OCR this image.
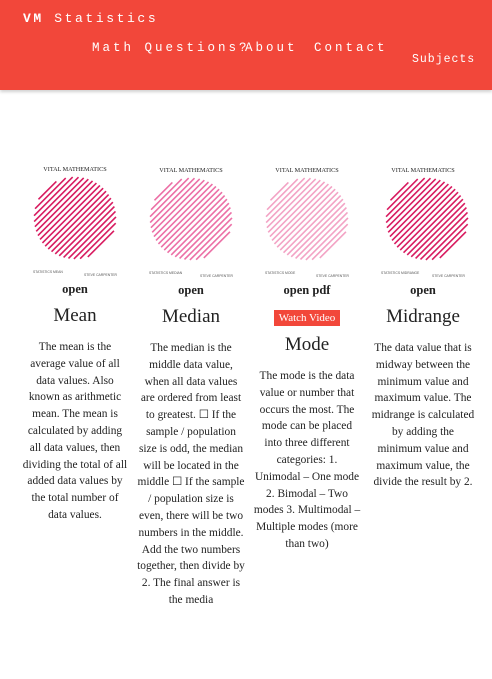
VM Statistics
Math Questions?
About Contact
Subjects
VITAL MATHEMATICS
STATISTICS MEAN
STEVE CARPENTER
open
Mean
The mean is the average value of all data values. Also known as arithmetic mean. The mean is calculated by adding all data values, then dividing the total of all added data values by the total number of data values.
VITAL MATHEMATICS
STATISTICS MEDIAN
STEVE CARPENTER
open
Median
The median is the middle data value, when all data values are ordered from least to greatest. ☐ If the sample / population size is odd, the median will be located in the middle ☐ If the sample / population size is even, there will be two numbers in the middle. Add the two numbers together, then divide by 2. The final answer is the media
VITAL MATHEMATICS
STATISTICS MODE
STEVE CARPENTER
open pdf
Watch Video
Mode
The mode is the data value or number that occurs the most. The mode can be placed into three different categories: 1. Unimodal – One mode 2. Bimodal – Two modes 3. Multimodal – Multiple modes (more than two)
VITAL MATHEMATICS
STATISTICS MIDRANGE
STEVE CARPENTER
open
Midrange
The data value that is midway between the minimum value and maximum value. The midrange is calculated by adding the minimum value and maximum value, the divide the result by 2.
